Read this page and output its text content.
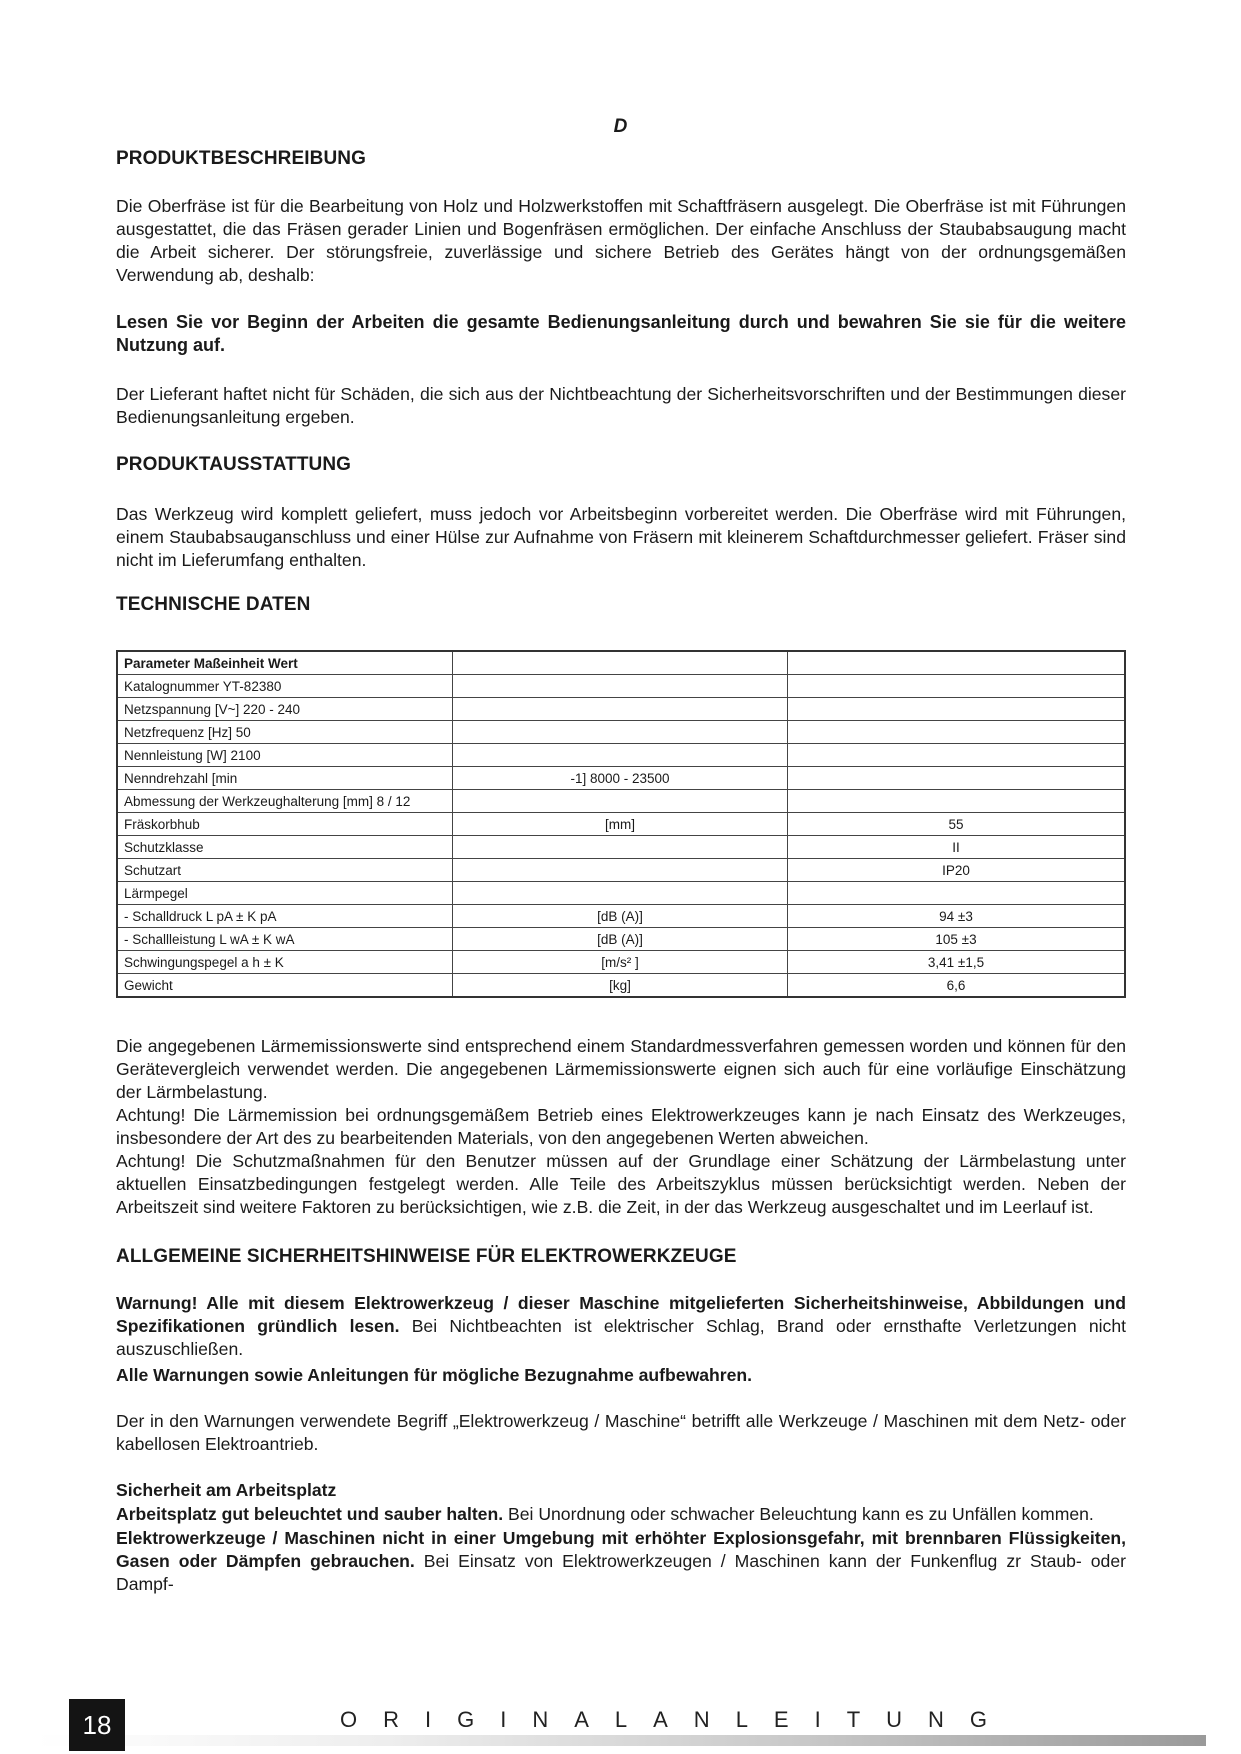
D
PRODUKTBESCHREIBUNG

Die Oberfräse ist für die Bearbeitung von Holz und Holzwerkstoffen mit Schaftfräsern ausgelegt. Die Oberfräse ist mit Führungen ausgestattet, die das Fräsen gerader Linien und Bogenfräsen ermöglichen. Der einfache Anschluss der Staubabsaugung macht die Arbeit sicherer. Der störungsfreie, zuverlässige und sichere Betrieb des Gerätes hängt von der ordnungsgemäßen Verwendung ab, deshalb:

Lesen Sie vor Beginn der Arbeiten die gesamte Bedienungsanleitung durch und bewahren Sie sie für die weitere Nutzung auf.

Der Lieferant haftet nicht für Schäden, die sich aus der Nichtbeachtung der Sicherheitsvorschriften und der Bestimmungen dieser Bedienungsanleitung ergeben.

PRODUKTAUSSTATTUNG

Das Werkzeug wird komplett geliefert, muss jedoch vor Arbeitsbeginn vorbereitet werden. Die Oberfräse wird mit Führungen, einem Staubabsauganschluss und einer Hülse zur Aufnahme von Fräsern mit kleinerem Schaftdurchmesser geliefert. Fräser sind nicht im Lieferumfang enthalten.

TECHNISCHE DATEN
Parameter Maßeinheit Wert		
Katalognummer YT-82380		
Netzspannung [V~] 220 - 240		
Netzfrequenz [Hz] 50		
Nennleistung [W] 2100		
Nenndrehzahl [min	-1] 8000 - 23500	
Abmessung der Werkzeughalterung [mm] 8 / 12		
Fräskorbhub	[mm]	55
Schutzklasse		II
Schutzart		IP20
Lärmpegel		
- Schalldruck L pA ± K pA	[dB (A)]	94 ±3
- Schallleistung L wA ± K wA	[dB (A)]	105 ±3
Schwingungspegel a h ± K	[m/s² ]	3,41 ±1,5
Gewicht	[kg]	6,6

Die angegebenen Lärmemissionswerte sind entsprechend einem Standardmessverfahren gemessen worden und können für den Gerätevergleich verwendet werden. Die angegebenen Lärmemissionswerte eignen sich auch für eine vorläufige Einschätzung der Lärmbelastung.

Achtung! Die Lärmemission bei ordnungsgemäßem Betrieb eines Elektrowerkzeuges kann je nach Einsatz des Werkzeuges, insbesondere der Art des zu bearbeitenden Materials, von den angegebenen Werten abweichen.

Achtung! Die Schutzmaßnahmen für den Benutzer müssen auf der Grundlage einer Schätzung der Lärmbelastung unter aktuellen Einsatzbedingungen festgelegt werden. Alle Teile des Arbeitszyklus müssen berücksichtigt werden. Neben der Arbeitszeit sind weitere Faktoren zu berücksichtigen, wie z.B. die Zeit, in der das Werkzeug ausgeschaltet und im Leerlauf ist.

ALLGEMEINE SICHERHEITSHINWEISE FÜR ELEKTROWERKZEUGE

Warnung! Alle mit diesem Elektrowerkzeug / dieser Maschine mitgelieferten Sicherheitshinweise, Abbildungen und Spezifikationen gründlich lesen. Bei Nichtbeachten ist elektrischer Schlag, Brand oder ernsthafte Verletzungen nicht auszuschließen.

Alle Warnungen sowie Anleitungen für mögliche Bezugnahme aufbewahren.

Der in den Warnungen verwendete Begriff „Elektrowerkzeug / Maschine“ betrifft alle Werkzeuge / Maschinen mit dem Netz- oder kabellosen Elektroantrieb.

Sicherheit am Arbeitsplatz

Arbeitsplatz gut beleuchtet und sauber halten. Bei Unordnung oder schwacher Beleuchtung kann es zu Unfällen kommen.

Elektrowerkzeuge / Maschinen nicht in einer Umgebung mit erhöhter Explosionsgefahr, mit brennbaren Flüssigkeiten, Gasen oder Dämpfen gebrauchen. Bei Einsatz von Elektrowerkzeugen / Maschinen kann der Funkenflug zr Staub- oder Dampf-

18	ORIGINALANLEITUNG
